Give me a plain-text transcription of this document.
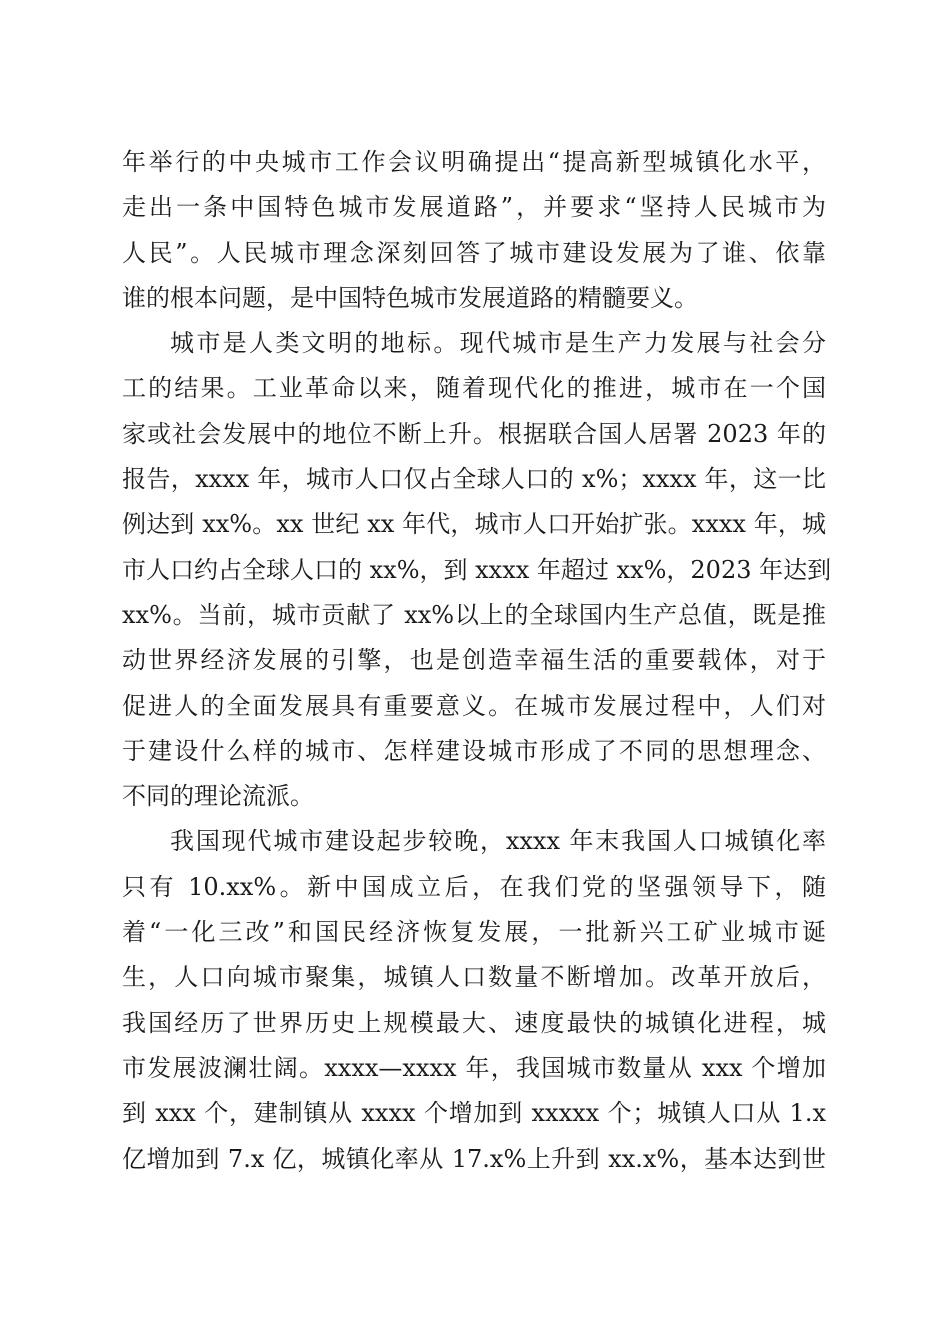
年举行的中央城市工作会议明确提出“提高新型城镇化水平，
走出一条中国特色城市发展道路”，并要求“坚持人民城市为
人民”。人民城市理念深刻回答了城市建设发展为了谁、依靠
谁的根本问题，是中国特色城市发展道路的精髓要义。
城市是人类文明的地标。现代城市是生产力发展与社会分
工的结果。工业革命以来，随着现代化的推进，城市在一个国
家或社会发展中的地位不断上升。根据联合国人居署 2023 年的
报告，xxxx 年，城市人口仅占全球人口的 x%；xxxx 年，这一比
例达到 xx%。xx 世纪 xx 年代，城市人口开始扩张。xxxx 年，城
市人口约占全球人口的 xx%，到 xxxx 年超过 xx%，2023 年达到
xx%。当前，城市贡献了 xx%以上的全球国内生产总值，既是推
动世界经济发展的引擎，也是创造幸福生活的重要载体，对于
促进人的全面发展具有重要意义。在城市发展过程中，人们对
于建设什么样的城市、怎样建设城市形成了不同的思想理念、
不同的理论流派。
我国现代城市建设起步较晚，xxxx 年末我国人口城镇化率
只有 10.xx%。新中国成立后，在我们党的坚强领导下，随
着“一化三改”和国民经济恢复发展，一批新兴工矿业城市诞
生，人口向城市聚集，城镇人口数量不断增加。改革开放后，
我国经历了世界历史上规模最大、速度最快的城镇化进程，城
市发展波澜壮阔。xxxx—xxxx 年，我国城市数量从 xxx 个增加
到 xxx 个，建制镇从 xxxx 个增加到 xxxxx 个；城镇人口从 1.x
亿增加到 7.x 亿，城镇化率从 17.x%上升到 xx.x%，基本达到世
